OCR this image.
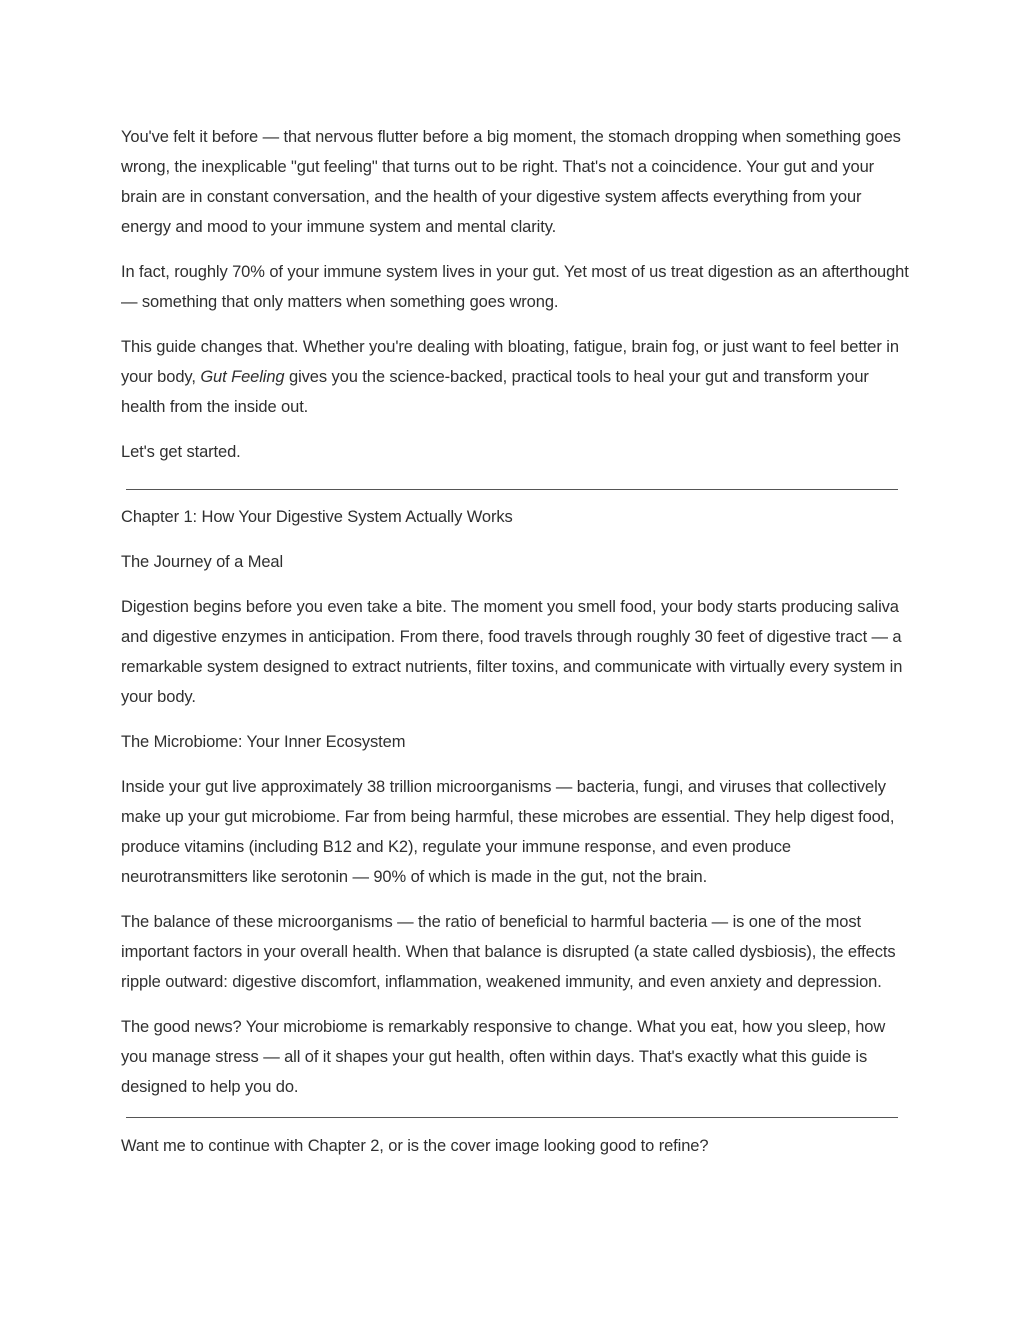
You've felt it before — that nervous flutter before a big moment, the stomach dropping when something goes wrong, the inexplicable "gut feeling" that turns out to be right. That's not a coincidence. Your gut and your brain are in constant conversation, and the health of your digestive system affects everything from your energy and mood to your immune system and mental clarity.

In fact, roughly 70% of your immune system lives in your gut. Yet most of us treat digestion as an afterthought — something that only matters when something goes wrong.

This guide changes that. Whether you're dealing with bloating, fatigue, brain fog, or just want to feel better in your body, Gut Feeling gives you the science-backed, practical tools to heal your gut and transform your health from the inside out.

Let's get started.

Chapter 1: How Your Digestive System Actually Works

The Journey of a Meal

Digestion begins before you even take a bite. The moment you smell food, your body starts producing saliva and digestive enzymes in anticipation. From there, food travels through roughly 30 feet of digestive tract — a remarkable system designed to extract nutrients, filter toxins, and communicate with virtually every system in your body.

The Microbiome: Your Inner Ecosystem

Inside your gut live approximately 38 trillion microorganisms — bacteria, fungi, and viruses that collectively make up your gut microbiome. Far from being harmful, these microbes are essential. They help digest food, produce vitamins (including B12 and K2), regulate your immune response, and even produce neurotransmitters like serotonin — 90% of which is made in the gut, not the brain.

The balance of these microorganisms — the ratio of beneficial to harmful bacteria — is one of the most important factors in your overall health. When that balance is disrupted (a state called dysbiosis), the effects ripple outward: digestive discomfort, inflammation, weakened immunity, and even anxiety and depression.

The good news? Your microbiome is remarkably responsive to change. What you eat, how you sleep, how you manage stress — all of it shapes your gut health, often within days. That's exactly what this guide is designed to help you do.

Want me to continue with Chapter 2, or is the cover image looking good to refine?
